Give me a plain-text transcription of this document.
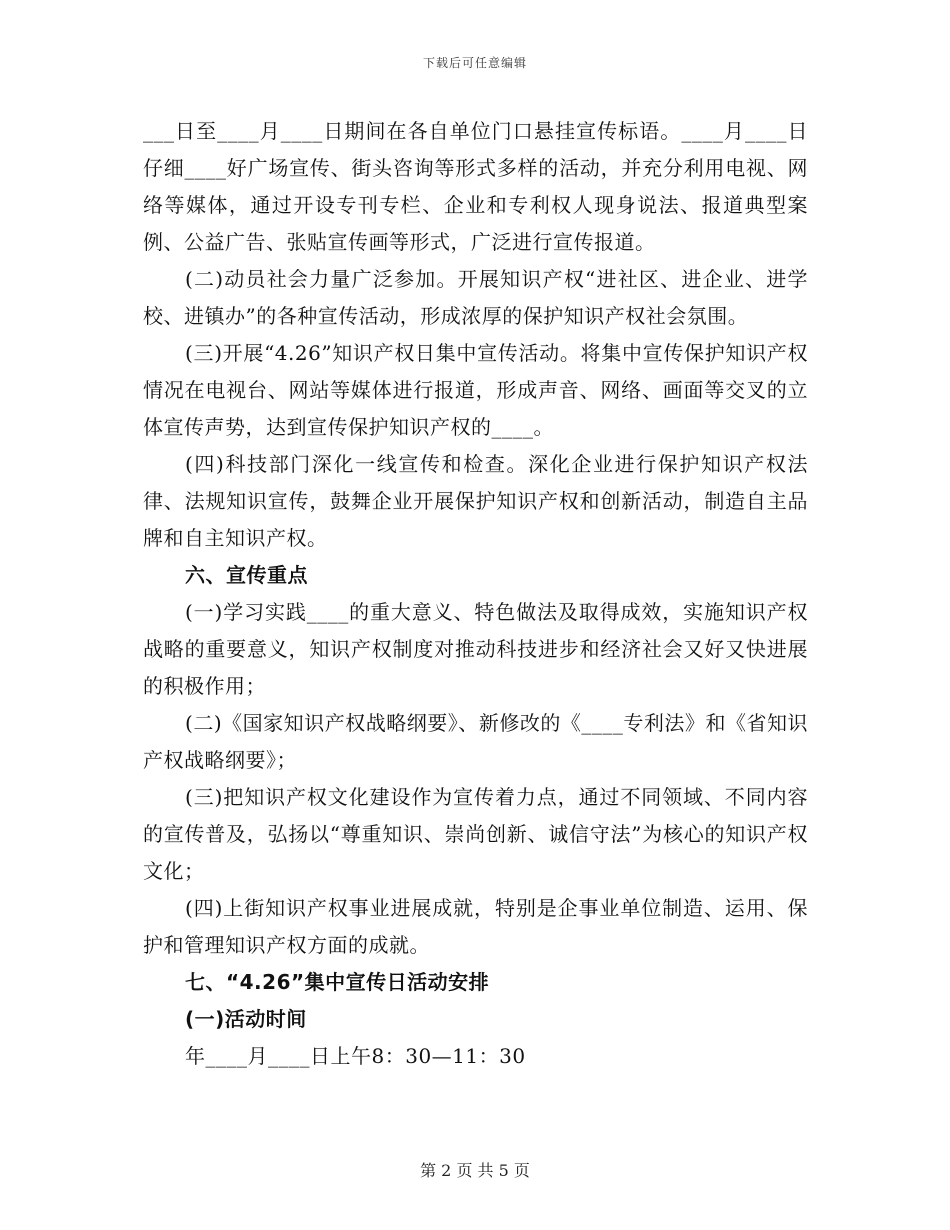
下载后可任意编辑

___日至____月____日期间在各自单位门口悬挂宣传标语。____月____日仔细____好广场宣传、街头咨询等形式多样的活动，并充分利用电视、网络等媒体，通过开设专刊专栏、企业和专利权人现身说法、报道典型案例、公益广告、张贴宣传画等形式，广泛进行宣传报道。

(二)动员社会力量广泛参加。开展知识产权“进社区、进企业、进学校、进镇办”的各种宣传活动，形成浓厚的保护知识产权社会氛围。

(三)开展“4.26”知识产权日集中宣传活动。将集中宣传保护知识产权情况在电视台、网站等媒体进行报道，形成声音、网络、画面等交叉的立体宣传声势，达到宣传保护知识产权的____。

(四)科技部门深化一线宣传和检查。深化企业进行保护知识产权法律、法规知识宣传，鼓舞企业开展保护知识产权和创新活动，制造自主品牌和自主知识产权。

六、宣传重点

(一)学习实践____的重大意义、特色做法及取得成效，实施知识产权战略的重要意义，知识产权制度对推动科技进步和经济社会又好又快进展的积极作用；

(二)《国家知识产权战略纲要》、新修改的《____专利法》和《省知识产权战略纲要》；

(三)把知识产权文化建设作为宣传着力点，通过不同领域、不同内容的宣传普及，弘扬以“尊重知识、崇尚创新、诚信守法”为核心的知识产权文化；

(四)上街知识产权事业进展成就，特别是企事业单位制造、运用、保护和管理知识产权方面的成就。

七、“4.26”集中宣传日活动安排

(一)活动时间

年____月____日上午8：30—11：30

第 2 页 共 5 页
